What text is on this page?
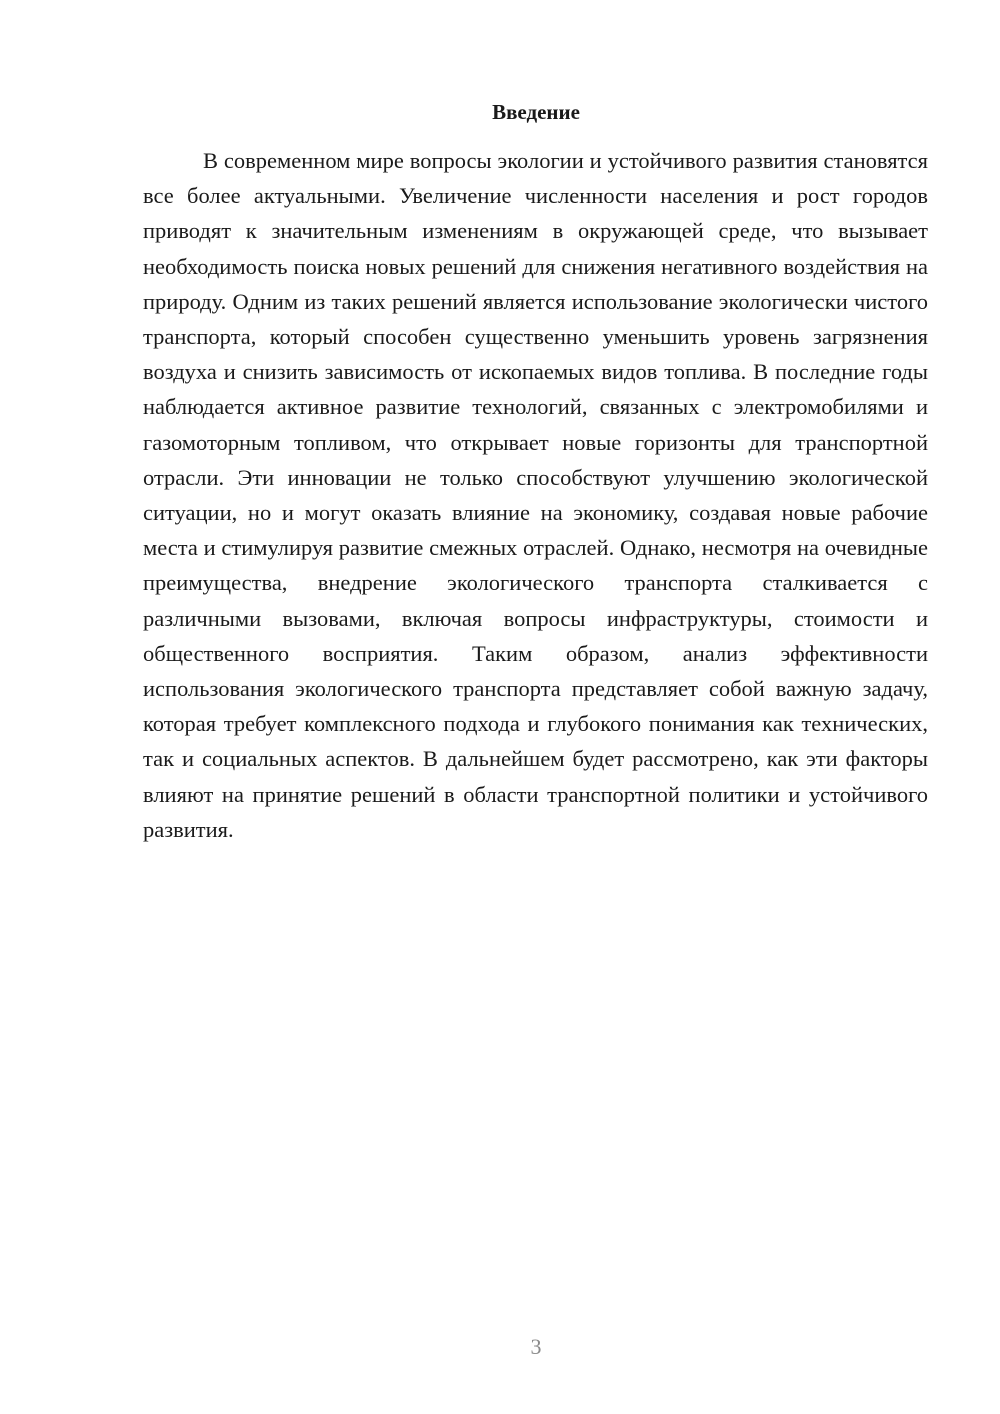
Введение

В современном мире вопросы экологии и устойчивого развития становятся все более актуальными. Увеличение численности населения и рост городов приводят к значительным изменениям в окружающей среде, что вызывает необходимость поиска новых решений для снижения негативного воздействия на природу. Одним из таких решений является использование экологически чистого транспорта, который способен существенно уменьшить уровень загрязнения воздуха и снизить зависимость от ископаемых видов топлива. В последние годы наблюдается активное развитие технологий, связанных с электромобилями и газомоторным топливом, что открывает новые горизонты для транспортной отрасли. Эти инновации не только способствуют улучшению экологической ситуации, но и могут оказать влияние на экономику, создавая новые рабочие места и стимулируя развитие смежных отраслей. Однако, несмотря на очевидные преимущества, внедрение экологического транспорта сталкивается с различными вызовами, включая вопросы инфраструктуры, стоимости и общественного восприятия. Таким образом, анализ эффективности использования экологического транспорта представляет собой важную задачу, которая требует комплексного подхода и глубокого понимания как технических, так и социальных аспектов. В дальнейшем будет рассмотрено, как эти факторы влияют на принятие решений в области транспортной политики и устойчивого развития.

3
